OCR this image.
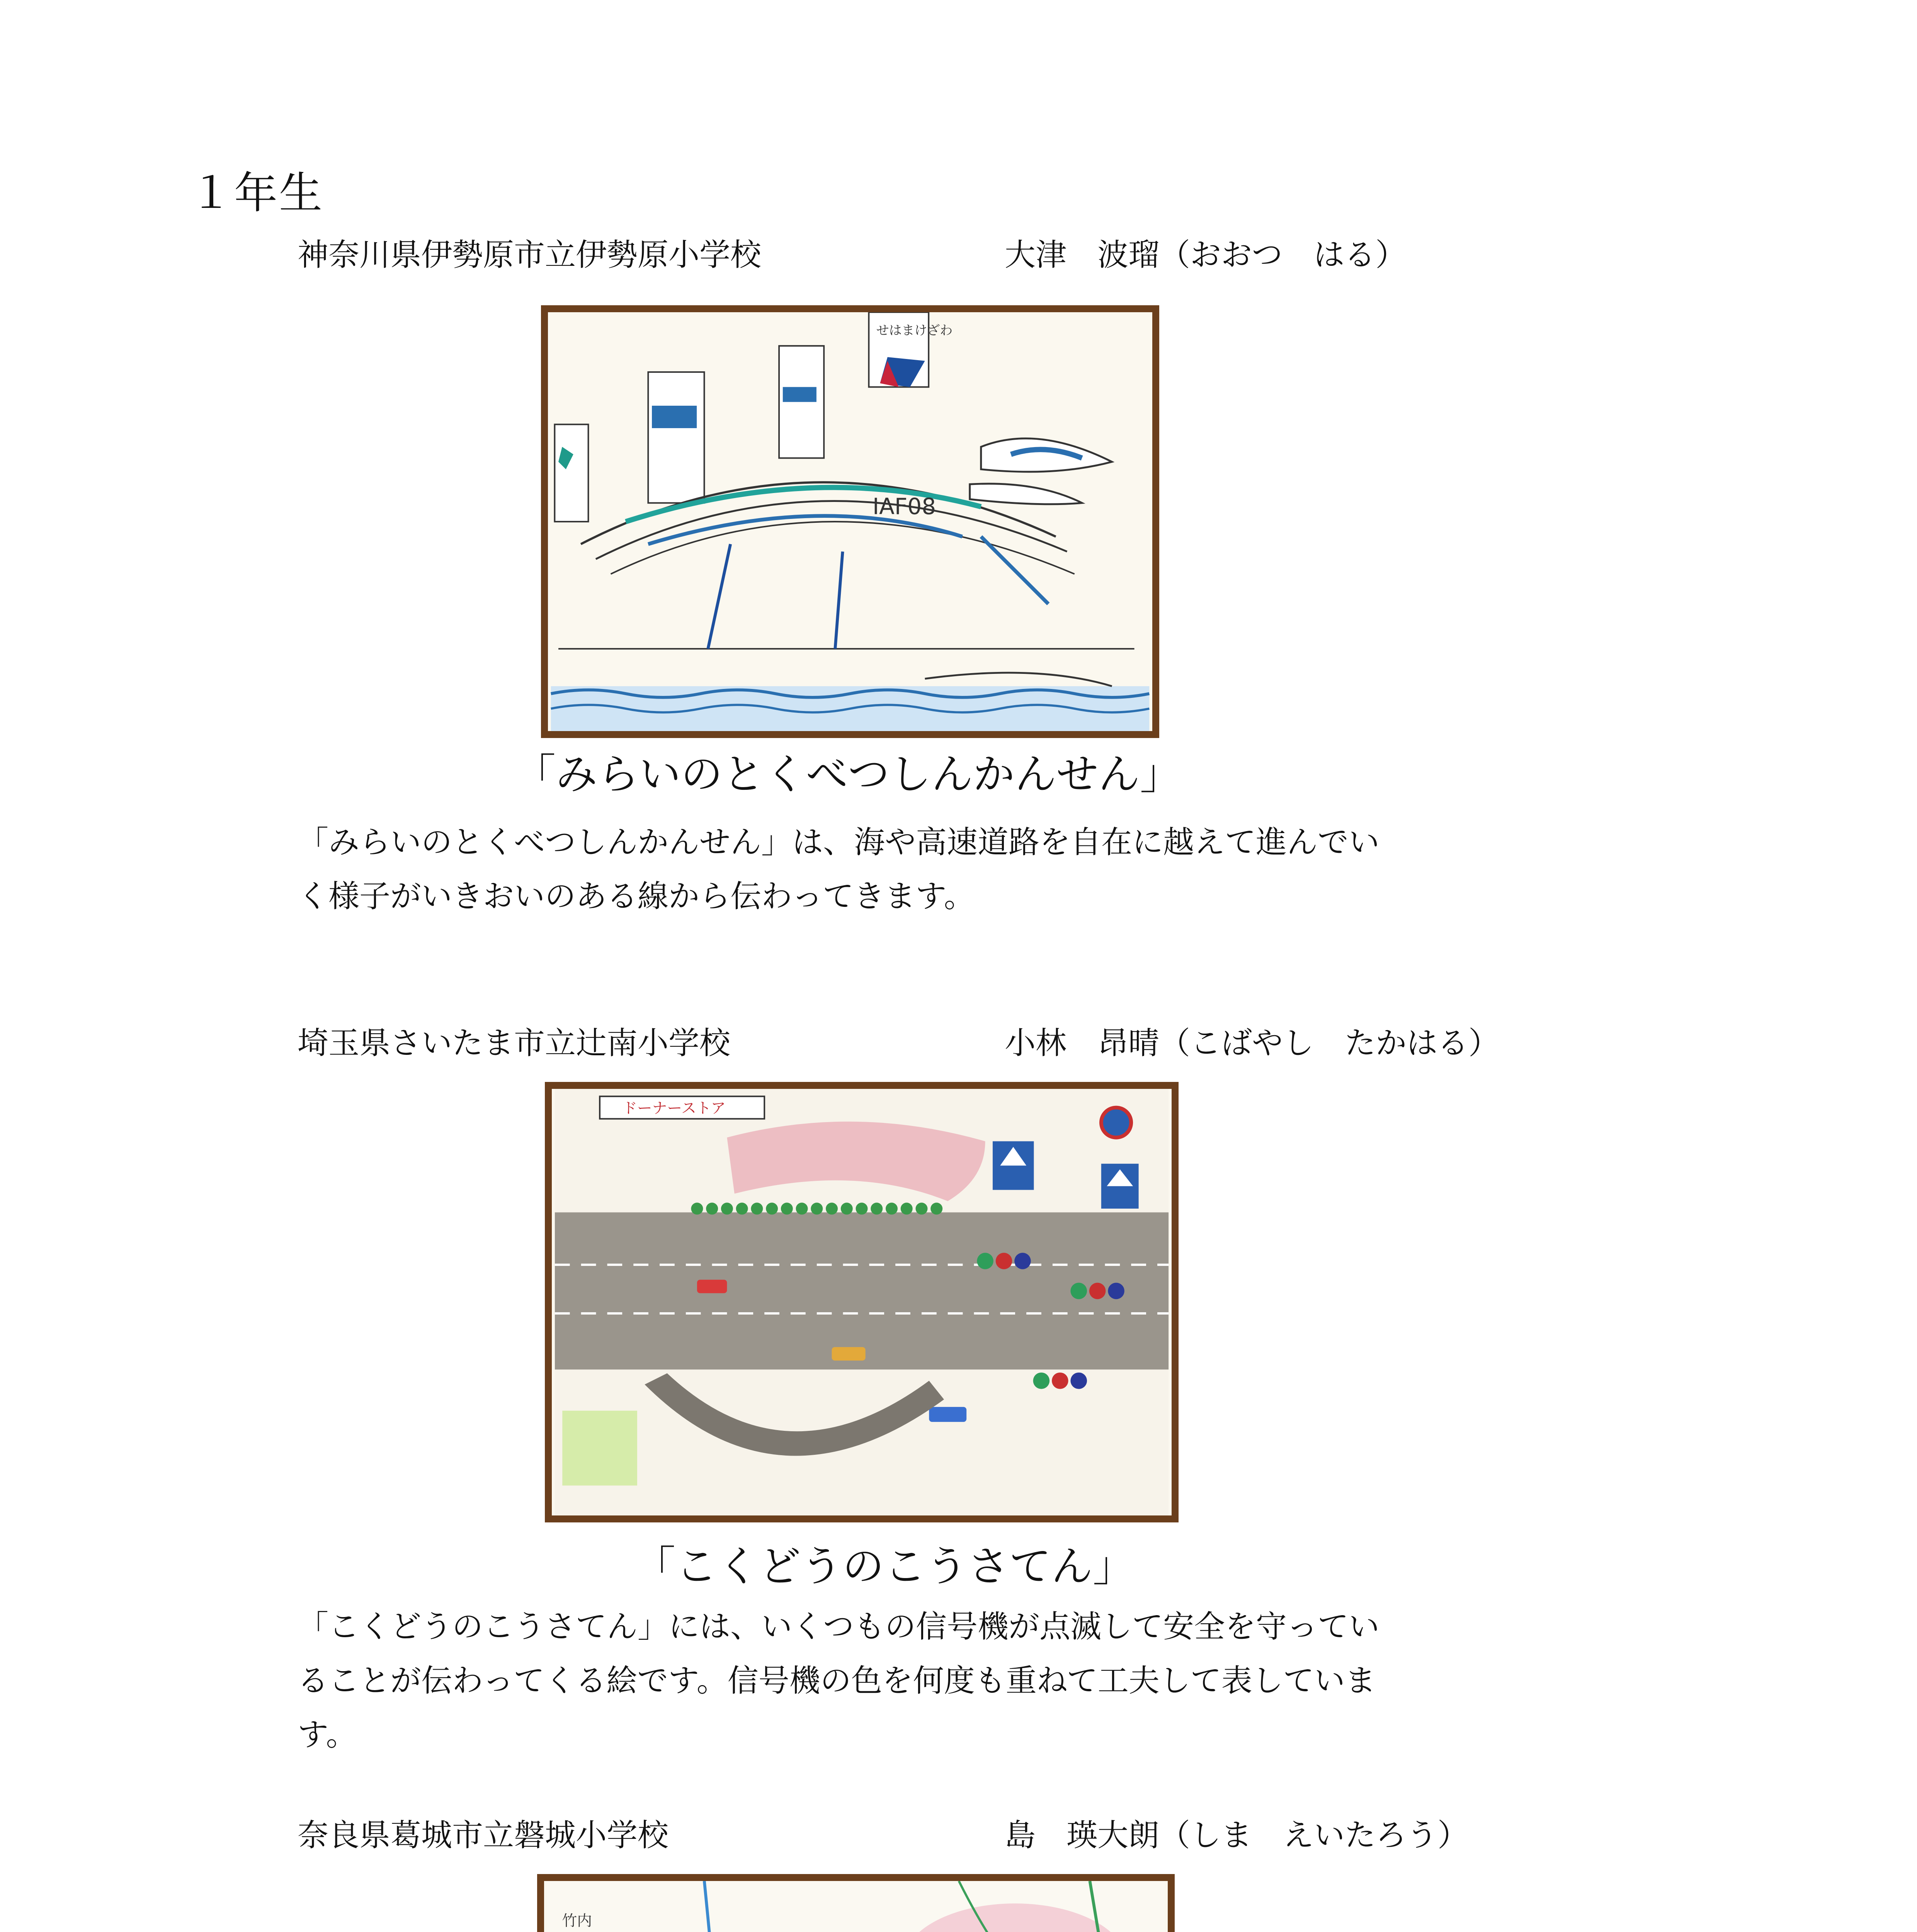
１年生
神奈川県伊勢原市立伊勢原小学校	大津　波瑠（おおつ　はる）
IAF08
せはまけざわ
「みらいのとくべつしんかんせん」

「みらいのとくべつしんかんせん」は、海や高速道路を自在に越えて進んでい

く様子がいきおいのある線から伝わってきます。

埼玉県さいたま市立辻南小学校	小林　昂晴（こばやし　たかはる）
ドーナーストア
「こくどうのこうさてん」

「こくどうのこうさてん」には、いくつもの信号機が点滅して安全を守ってい

ることが伝わってくる絵です。信号機の色を何度も重ねて工夫して表していま

す。

奈良県葛城市立磐城小学校	島　瑛大朗（しま　えいたろう）
竹内
